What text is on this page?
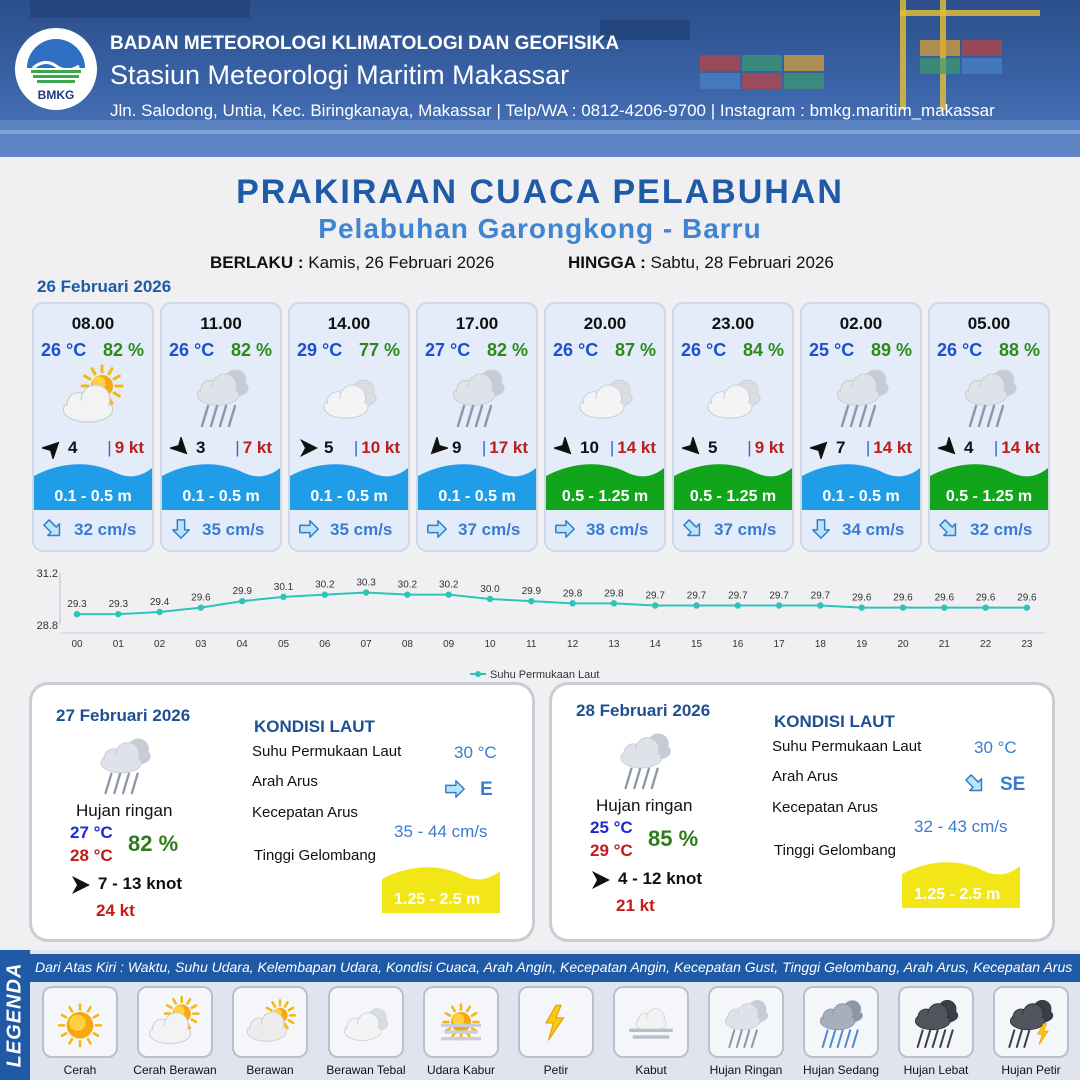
BMKG
BADAN METEOROLOGI KLIMATOLOGI DAN GEOFISIKA
Stasiun Meteorologi Maritim Makassar
Jln. Salodong, Untia, Kec. Biringkanaya, Makassar | Telp/WA : 0812-4206-9700 | Instagram : bmkg.maritim_makassar
PRAKIRAAN CUACA PELABUHAN
Pelabuhan Garongkong - Barru
BERLAKU : Kamis, 26 Februari 2026	HINGGA : Sabtu, 28 Februari 2026
26 Februari 2026
08.00
26 °C 82 %
4 | 9 kt
0.1 - 0.5 m
32 cm/s
11.00
26 °C 82 %
3 | 7 kt
0.1 - 0.5 m
35 cm/s
14.00
29 °C 77 %
5 | 10 kt
0.1 - 0.5 m
35 cm/s
17.00
27 °C 82 %
9 | 17 kt
0.1 - 0.5 m
37 cm/s
20.00
26 °C 87 %
10 | 14 kt
0.5 - 1.25 m
38 cm/s
23.00
26 °C 84 %
5 | 9 kt
0.5 - 1.25 m
37 cm/s
02.00
25 °C 89 %
7 | 14 kt
0.1 - 0.5 m
34 cm/s
05.00
26 °C 88 %
4 | 14 kt
0.5 - 1.25 m
32 cm/s
31.2
28.8
29.3
00
29.3
01
29.4
02
29.6
03
29.9
04
30.1
05
30.2
06
30.3
07
30.2
08
30.2
09
30.0
10
29.9
11
29.8
12
29.8
13
29.7
14
29.7
15
29.7
16
29.7
17
29.7
18
29.6
19
29.6
20
29.6
21
29.6
22
29.6
23
Suhu Permukaan Laut
27 Februari 2026
Hujan ringan
27 °C
28 °C 82 %
7 - 13 knot
24 kt
KONDISI LAUT
Suhu Permukaan Laut	30 °C
Arah Arus	E
Kecepatan Arus
35 - 44 cm/s
Tinggi Gelombang
1.25 - 2.5 m
28 Februari 2026
Hujan ringan
25 °C
29 °C 85 %
4 - 12 knot
21 kt
KONDISI LAUT
Suhu Permukaan Laut	30 °C
Arah Arus	SE
Kecepatan Arus
32 - 43 cm/s
Tinggi Gelombang
1.25 - 2.5 m
LEGENDA Dari Atas Kiri : Waktu, Suhu Udara, Kelembapan Udara, Kondisi Cuaca, Arah Angin, Kecepatan Angin, Kecepatan Gust, Tinggi Gelombang, Arah Arus, Kecepatan Arus
Cerah	Cerah Berawan	Berawan	Berawan Tebal	Udara Kabur	Petir	Kabut	Hujan Ringan	Hujan Sedang	Hujan Lebat	Hujan Petir
